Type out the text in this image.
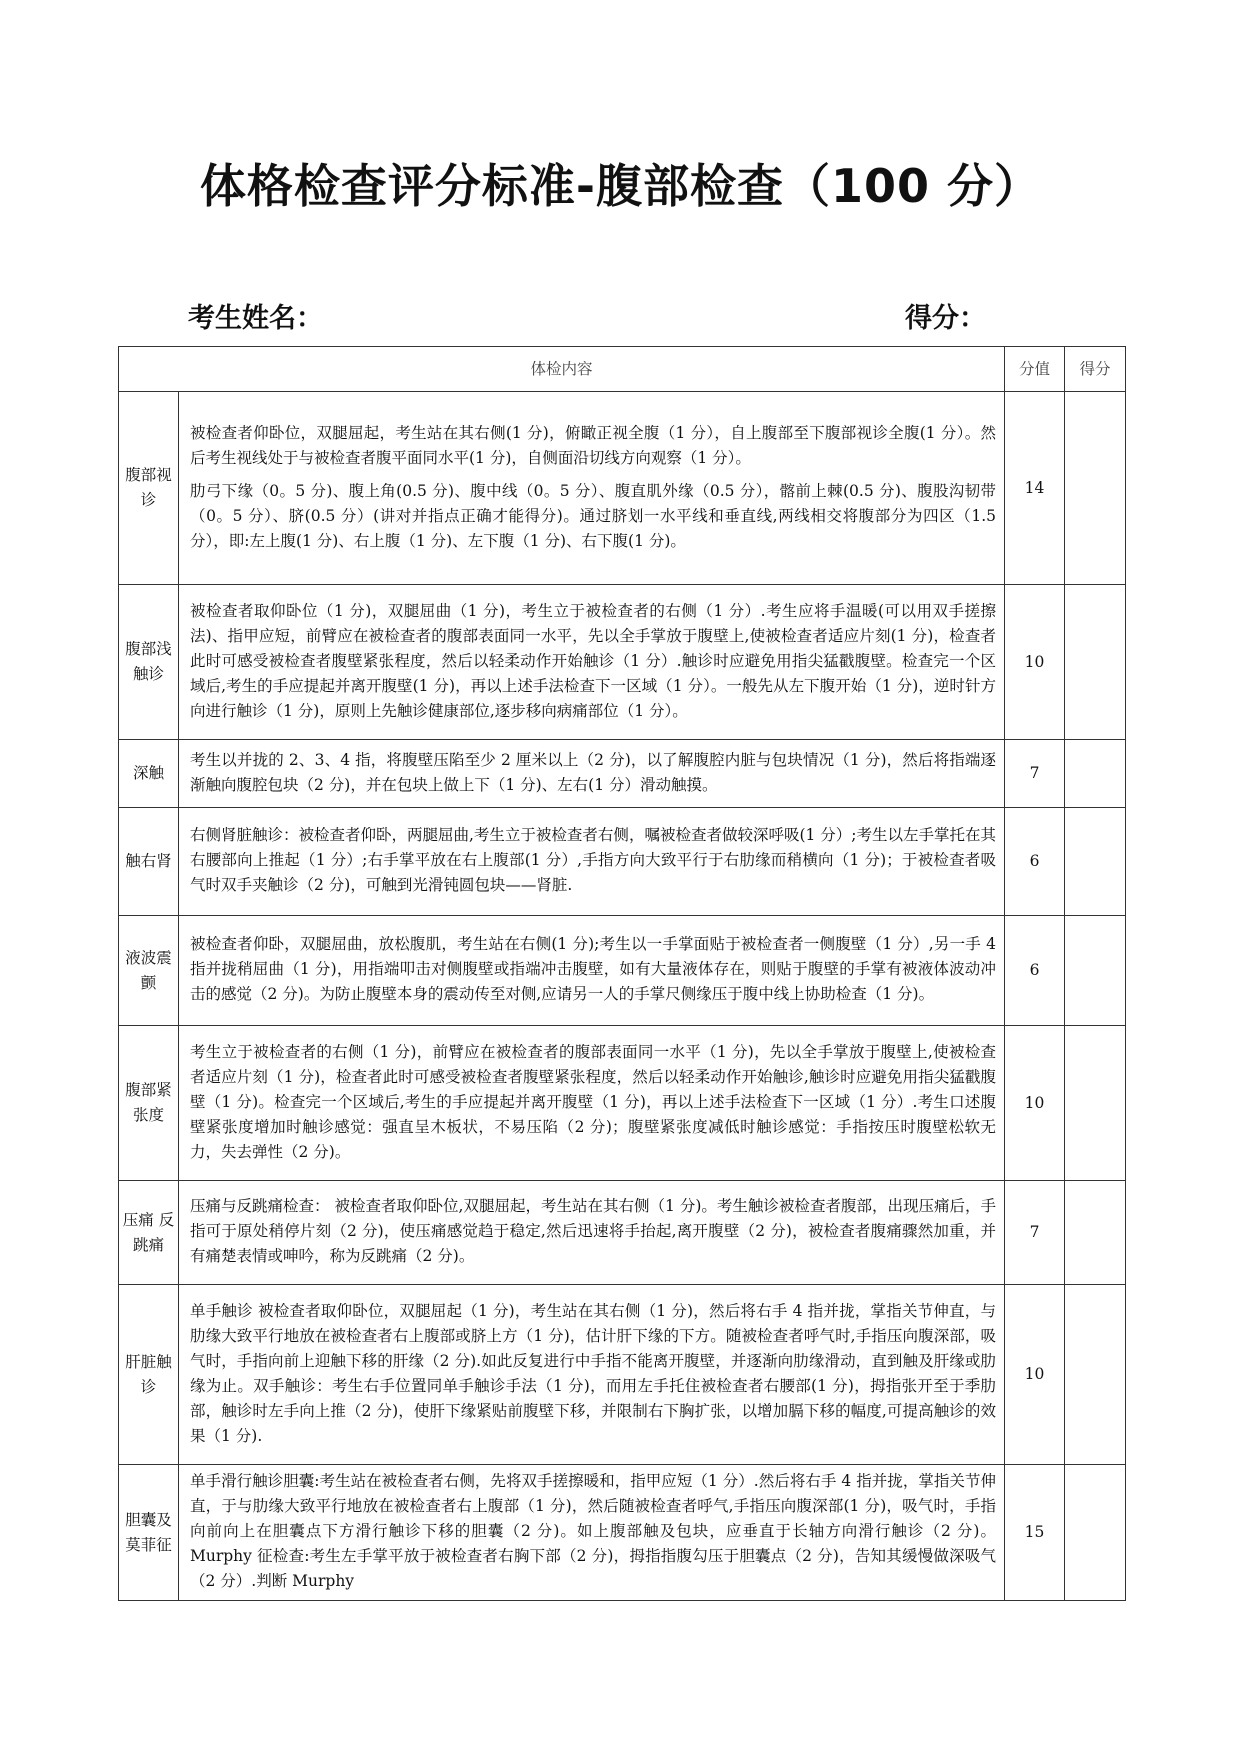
体格检查评分标准-腹部检查（100 分）
考生姓名：	得分：
体检内容		分值	得分
腹部视诊	被检查者仰卧位，双腿屈起，考生站在其右侧(1 分)，俯瞰正视全腹（1 分），自上腹部至下腹部视诊全腹(1 分）。然后考生视线处于与被检查者腹平面同水平(1 分)，自侧面沿切线方向观察（1 分）。

肋弓下缘（0。5 分)、腹上角(0.5 分)、腹中线（0。5 分）、腹直肌外缘（0.5 分），髂前上棘(0.5 分)、腹股沟韧带（0。5 分）、脐(0.5 分）(讲对并指点正确才能得分)。通过脐划一水平线和垂直线,两线相交将腹部分为四区（1.5 分），即:左上腹(1 分)、右上腹（1 分)、左下腹（1 分)、右下腹(1 分)。	14	
腹部浅触诊	被检查者取仰卧位（1 分)，双腿屈曲（1 分)，考生立于被检查者的右侧（1 分）.考生应将手温暖(可以用双手搓擦法)、指甲应短，前臂应在被检查者的腹部表面同一水平，先以全手掌放于腹壁上,使被检查者适应片刻(1 分)，检查者此时可感受被检查者腹壁紧张程度，然后以轻柔动作开始触诊（1 分）.触诊时应避免用指尖猛戳腹壁。检查完一个区域后,考生的手应提起并离开腹壁(1 分)，再以上述手法检查下一区域（1 分）。一般先从左下腹开始（1 分)，逆时针方向进行触诊（1 分)，原则上先触诊健康部位,逐步移向病痛部位（1 分）。	10	
深触	考生以并拢的 2、3、4 指，将腹壁压陷至少 2 厘米以上（2 分)，以了解腹腔内脏与包块情况（1 分)，然后将指端逐渐触向腹腔包块（2 分)，并在包块上做上下（1 分)、左右(1 分）滑动触摸。	7	
触右肾	右侧肾脏触诊：被检查者仰卧，两腿屈曲,考生立于被检查者右侧，嘱被检查者做较深呼吸(1 分）;考生以左手掌托在其右腰部向上推起（1 分）;右手掌平放在右上腹部(1 分）,手指方向大致平行于右肋缘而稍横向（1 分)；于被检查者吸气时双手夹触诊（2 分)，可触到光滑钝圆包块——肾脏.	6	
液波震颤	被检查者仰卧，双腿屈曲，放松腹肌，考生站在右侧(1 分);考生以一手掌面贴于被检查者一侧腹壁（1 分）,另一手 4 指并拢稍屈曲（1 分)，用指端叩击对侧腹壁或指端冲击腹壁，如有大量液体存在，则贴于腹壁的手掌有被液体波动冲击的感觉（2 分)。为防止腹壁本身的震动传至对侧,应请另一人的手掌尺侧缘压于腹中线上协助检查（1 分)。	6	
腹部紧张度	考生立于被检查者的右侧（1 分)，前臂应在被检查者的腹部表面同一水平（1 分)，先以全手掌放于腹壁上,使被检查者适应片刻（1 分)，检查者此时可感受被检查者腹壁紧张程度，然后以轻柔动作开始触诊,触诊时应避免用指尖猛戳腹壁（1 分)。检查完一个区域后,考生的手应提起并离开腹壁（1 分)，再以上述手法检查下一区域（1 分）.考生口述腹壁紧张度增加时触诊感觉：强直呈木板状，不易压陷（2 分)；腹壁紧张度减低时触诊感觉：手指按压时腹壁松软无力，失去弹性（2 分)。	10	
压痛 反跳痛	压痛与反跳痛检查： 被检查者取仰卧位,双腿屈起，考生站在其右侧（1 分)。考生触诊被检查者腹部，出现压痛后，手指可于原处稍停片刻（2 分)，使压痛感觉趋于稳定,然后迅速将手抬起,离开腹壁（2 分)，被检查者腹痛骤然加重，并有痛楚表情或呻吟，称为反跳痛（2 分)。	7	
肝脏触诊	单手触诊 被检查者取仰卧位，双腿屈起（1 分)，考生站在其右侧（1 分)，然后将右手 4 指并拢，掌指关节伸直，与肋缘大致平行地放在被检查者右上腹部或脐上方（1 分)，估计肝下缘的下方。随被检查者呼气时,手指压向腹深部，吸气时，手指向前上迎触下移的肝缘（2 分).如此反复进行中手指不能离开腹壁，并逐渐向肋缘滑动，直到触及肝缘或肋缘为止。双手触诊：考生右手位置同单手触诊手法（1 分)，而用左手托住被检查者右腰部(1 分)，拇指张开至于季肋部，触诊时左手向上推（2 分)，使肝下缘紧贴前腹壁下移，并限制右下胸扩张，以增加膈下移的幅度,可提高触诊的效果（1 分).	10	
胆囊及莫菲征	单手滑行触诊胆囊:考生站在被检查者右侧，先将双手搓擦暖和，指甲应短（1 分）.然后将右手 4 指并拢，掌指关节伸直，于与肋缘大致平行地放在被检查者右上腹部（1 分)，然后随被检查者呼气,手指压向腹深部(1 分)，吸气时，手指向前向上在胆囊点下方滑行触诊下移的胆囊（2 分)。如上腹部触及包块，应垂直于长轴方向滑行触诊（2 分)。Murphy 征检查:考生左手掌平放于被检查者右胸下部（2 分)，拇指指腹勾压于胆囊点（2 分)，告知其缓慢做深吸气（2 分）.判断 Murphy	15	
